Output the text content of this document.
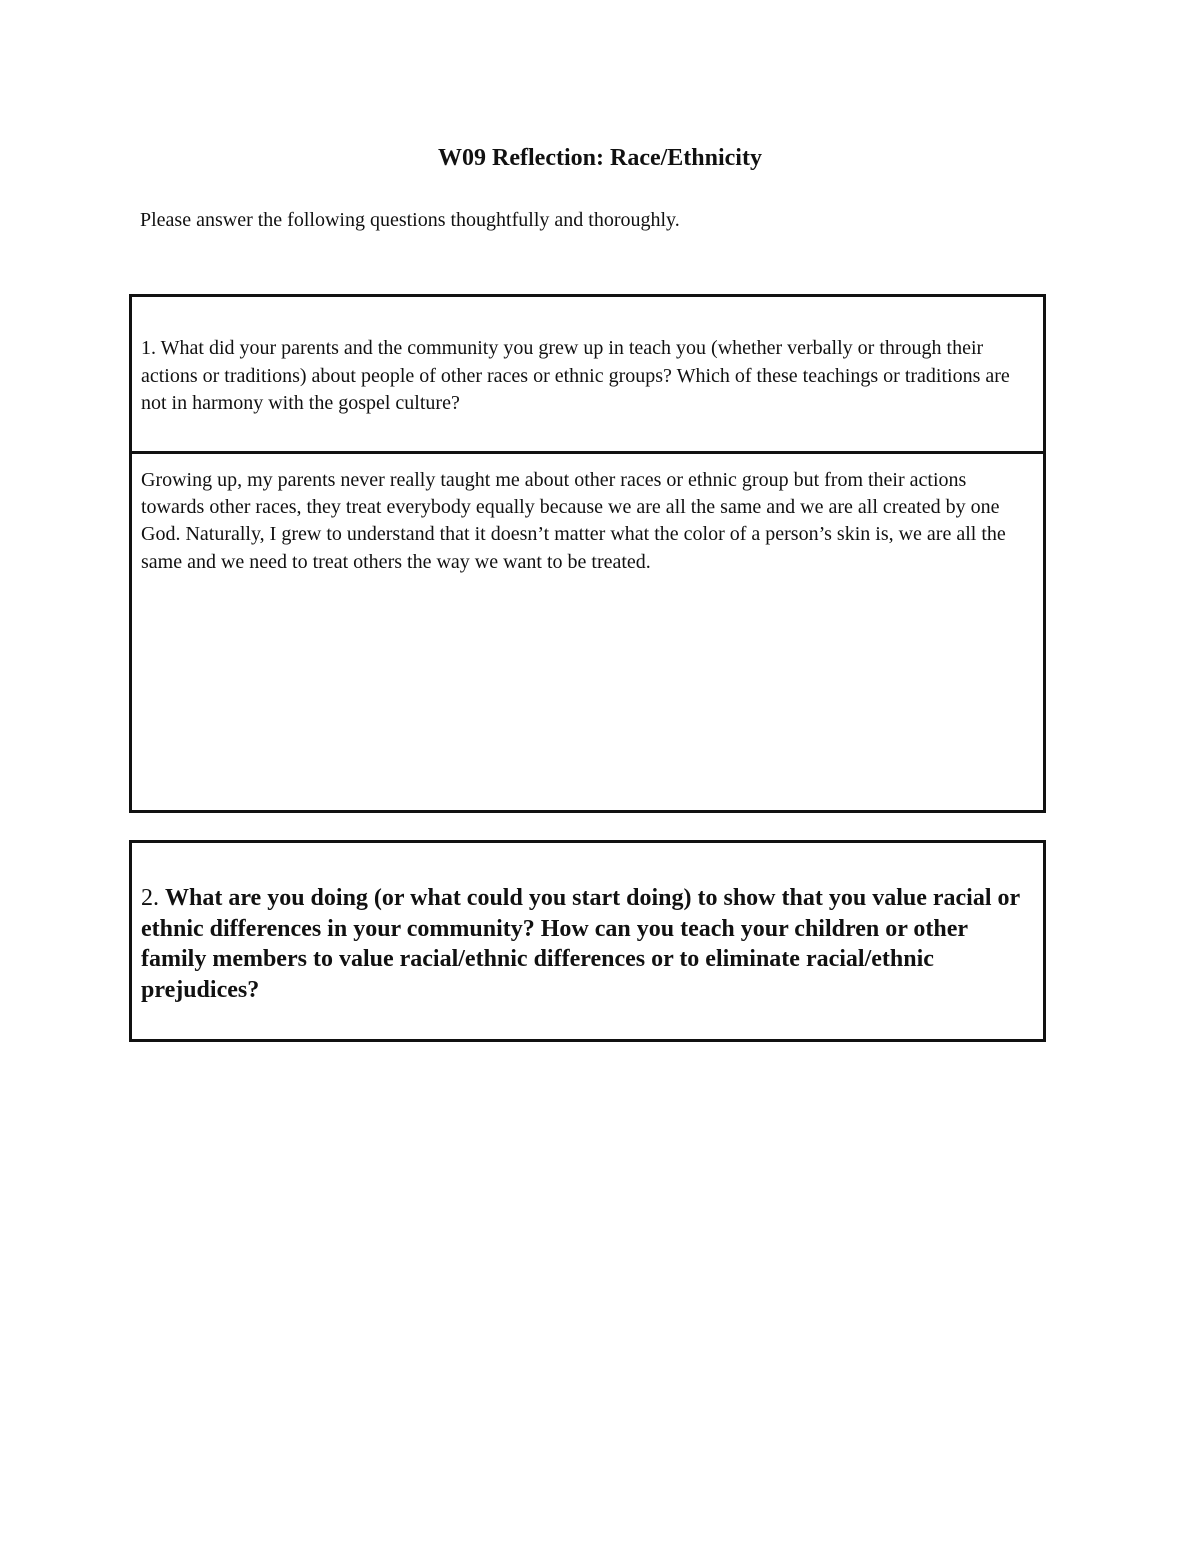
W09 Reflection: Race/Ethnicity
Please answer the following questions thoughtfully and thoroughly.
1. What did your parents and the community you grew up in teach you (whether verbally or through their actions or traditions) about people of other races or ethnic groups? Which of these teachings or traditions are not in harmony with the gospel culture?
Growing up, my parents never really taught me about other races or ethnic group but from their actions towards other races, they treat everybody equally because we are all the same and we are all created by one God. Naturally, I grew to understand that it doesn’t matter what the color of a person’s skin is, we are all the same and we need to treat others the way we want to be treated.
2. What are you doing (or what could you start doing) to show that you value racial or ethnic differences in your community? How can you teach your children or other family members to value racial/ethnic differences or to eliminate racial/ethnic prejudices?
